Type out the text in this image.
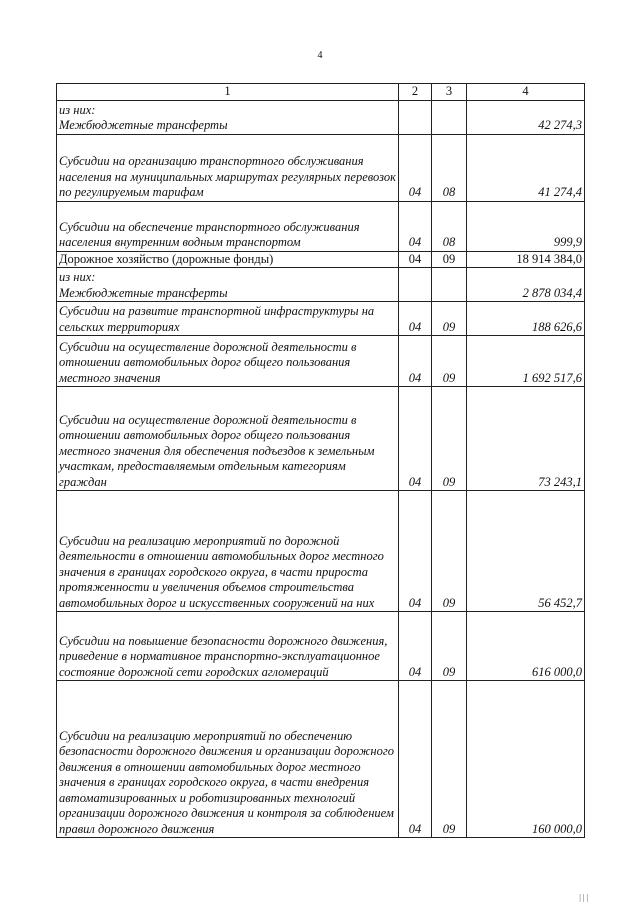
4
1	2	3	4
из них:
Межбюджетные трансферты			42 274,3
Субсидии на организацию транспортного обслуживания населения на муниципальных маршрутах регулярных перевозок по регулируемым тарифам	04	08	41 274,4
Субсидии на обеспечение транспортного обслуживания населения внутренним водным транспортом	04	08	999,9
Дорожное хозяйство (дорожные фонды)	04	09	18 914 384,0
из них:
Межбюджетные трансферты			2 878 034,4
Субсидии на развитие транспортной инфраструктуры на сельских территориях	04	09	188 626,6
Субсидии на осуществление дорожной деятельности в отношении автомобильных дорог общего пользования местного значения	04	09	1 692 517,6
Субсидии на осуществление дорожной деятельности в отношении автомобильных дорог общего пользования местного значения для обеспечения подъездов к земельным участкам, предоставляемым отдельным категориям граждан	04	09	73 243,1
Субсидии на реализацию мероприятий по дорожной деятельности в отношении автомобильных дорог местного значения в границах городского округа, в части прироста протяженности и увеличения объемов строительства автомобильных дорог и искусственных сооружений на них	04	09	56 452,7
Субсидии на повышение безопасности дорожного движения, приведение в нормативное транспортно-эксплуатационное состояние дорожной сети городских агломераций	04	09	616 000,0
Субсидии на реализацию мероприятий по обеспечению безопасности дорожного движения и организации дорожного движения в отношении автомобильных дорог местного значения в границах городского округа, в части внедрения автоматизированных и роботизированных технологий организации дорожного движения и контроля за соблюдением правил дорожного движения	04	09	160 000,0
| | |
